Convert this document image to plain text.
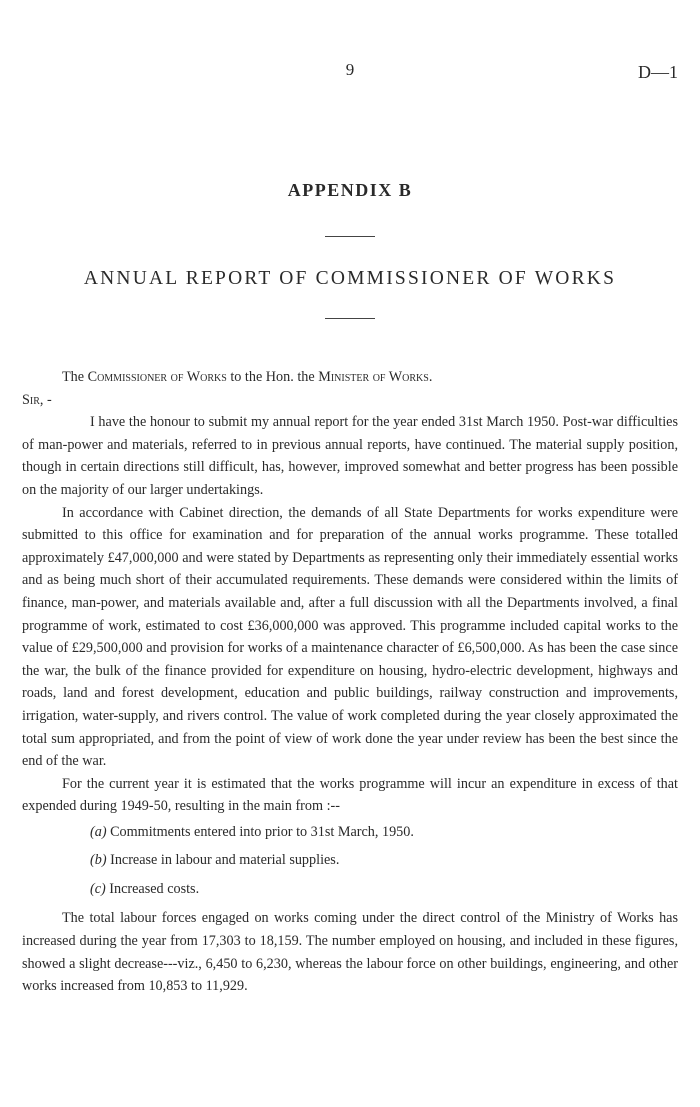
9	D—1
APPENDIX B
ANNUAL REPORT OF COMMISSIONER OF WORKS

The Commissioner of Works to the Hon. the Minister of Works.

Sir, -

I have the honour to submit my annual report for the year ended 31st March 1950. Post-war difficulties of man-power and materials, referred to in previous annual reports, have continued. The material supply position, though in certain directions still difficult, has, however, improved somewhat and better progress has been possible on the majority of our larger undertakings.

In accordance with Cabinet direction, the demands of all State Departments for works expenditure were submitted to this office for examination and for preparation of the annual works programme. These totalled approximately £47,000,000 and were stated by Departments as representing only their immediately essential works and as being much short of their accumulated requirements. These demands were considered within the limits of finance, man-power, and materials available and, after a full discussion with all the Departments involved, a final programme of work, estimated to cost £36,000,000 was approved. This programme included capital works to the value of £29,500,000 and provision for works of a maintenance character of £6,500,000. As has been the case since the war, the bulk of the finance provided for expenditure on housing, hydro-electric development, highways and roads, land and forest development, education and public buildings, railway construction and improvements, irrigation, water-supply, and rivers control. The value of work completed during the year closely approximated the total sum appropriated, and from the point of view of work done the year under review has been the best since the end of the war.

For the current year it is estimated that the works programme will incur an expenditure in excess of that expended during 1949-50, resulting in the main from :--

(a) Commitments entered into prior to 31st March, 1950.
(b) Increase in labour and material supplies.
(c) Increased costs.

The total labour forces engaged on works coming under the direct control of the Ministry of Works has increased during the year from 17,303 to 18,159. The number employed on housing, and included in these figures, showed a slight decrease---viz., 6,450 to 6,230, whereas the labour force on other buildings, engineering, and other works increased from 10,853 to 11,929.
